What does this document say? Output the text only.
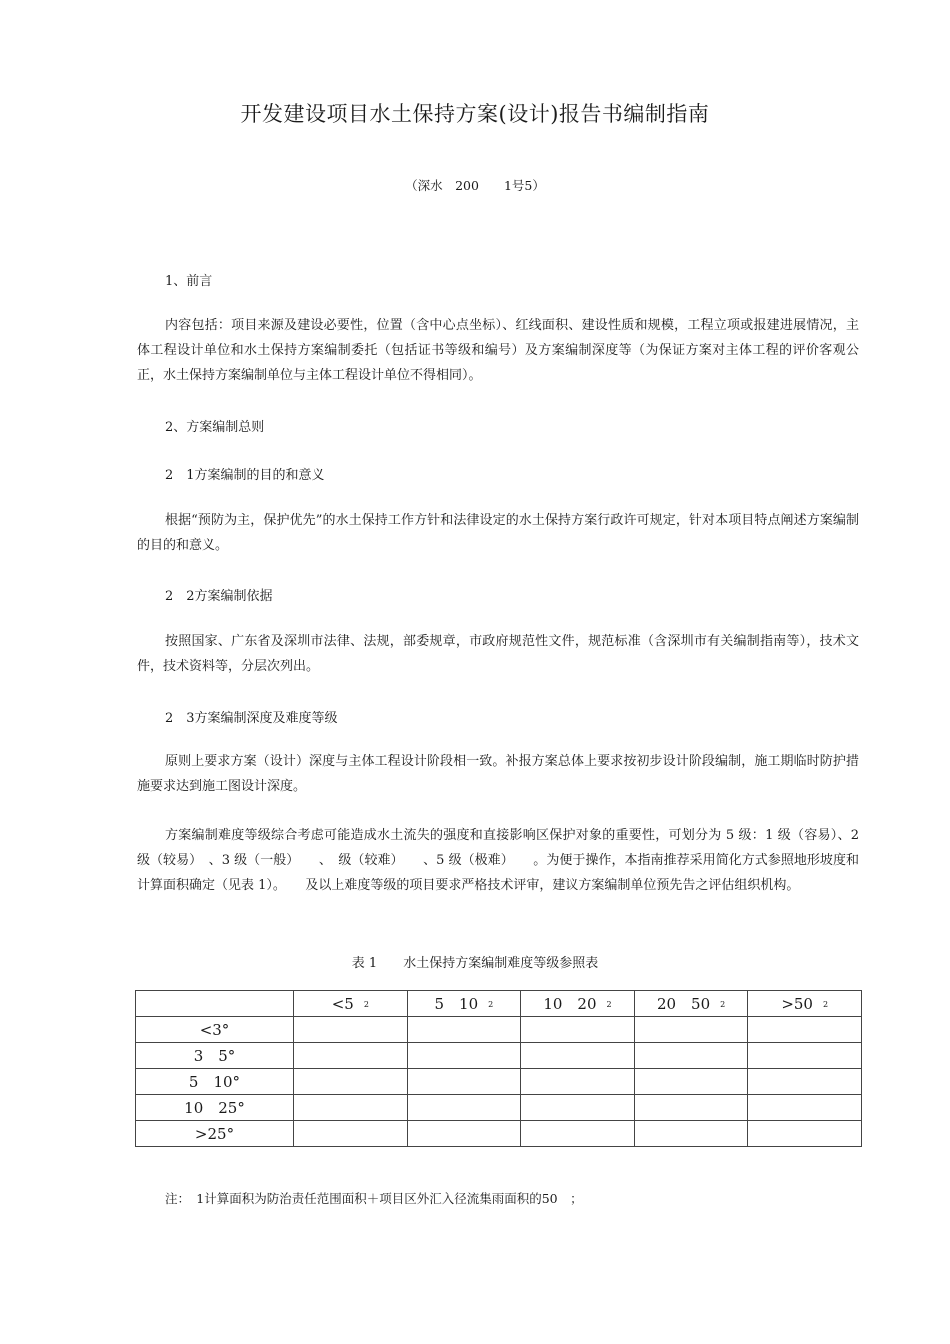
开发建设项目水土保持方案(设计)报告书编制指南
（深水　200　　1号5）
1、前言
内容包括：项目来源及建设必要性，位置（含中心点坐标）、红线面积、建设性质和规模，工程立项或报建进展情况，主体工程设计单位和水土保持方案编制委托（包括证书等级和编号）及方案编制深度等（为保证方案对主体工程的评价客观公正，水土保持方案编制单位与主体工程设计单位不得相同）。
2、方案编制总则
2　1方案编制的目的和意义
根据“预防为主，保护优先”的水土保持工作方针和法律设定的水土保持方案行政许可规定，针对本项目特点阐述方案编制的目的和意义。
2　2方案编制依据
按照国家、广东省及深圳市法律、法规，部委规章，市政府规范性文件，规范标准（含深圳市有关编制指南等），技术文件，技术资料等，分层次列出。
2　3方案编制深度及难度等级
原则上要求方案（设计）深度与主体工程设计阶段相一致。补报方案总体上要求按初步设计阶段编制，施工期临时防护措施要求达到施工图设计深度。
方案编制难度等级综合考虑可能造成水土流失的强度和直接影响区保护对象的重要性，可划分为 5 级：1 级（容易）、2 级（较易）　、3 级（一般）　　、　级（较难）　　、5 级（极难）　　。为便于操作，本指南推荐采用简化方式参照地形坡度和计算面积确定（见表 1）。　　及以上难度等级的项目要求严格技术评审，建议方案编制单位预先告之评估组织机构。
表 1　　水土保持方案编制难度等级参照表
	<5 $^2$	5　10 $^2$	10　20 $^2$	20　50 $^2$	>50 $^2$
<3°					
3　5°					
5　10°					
10　25°					
>25°					
注：　1计算面积为防治责任范围面积＋项目区外汇入径流集雨面积的50　；
